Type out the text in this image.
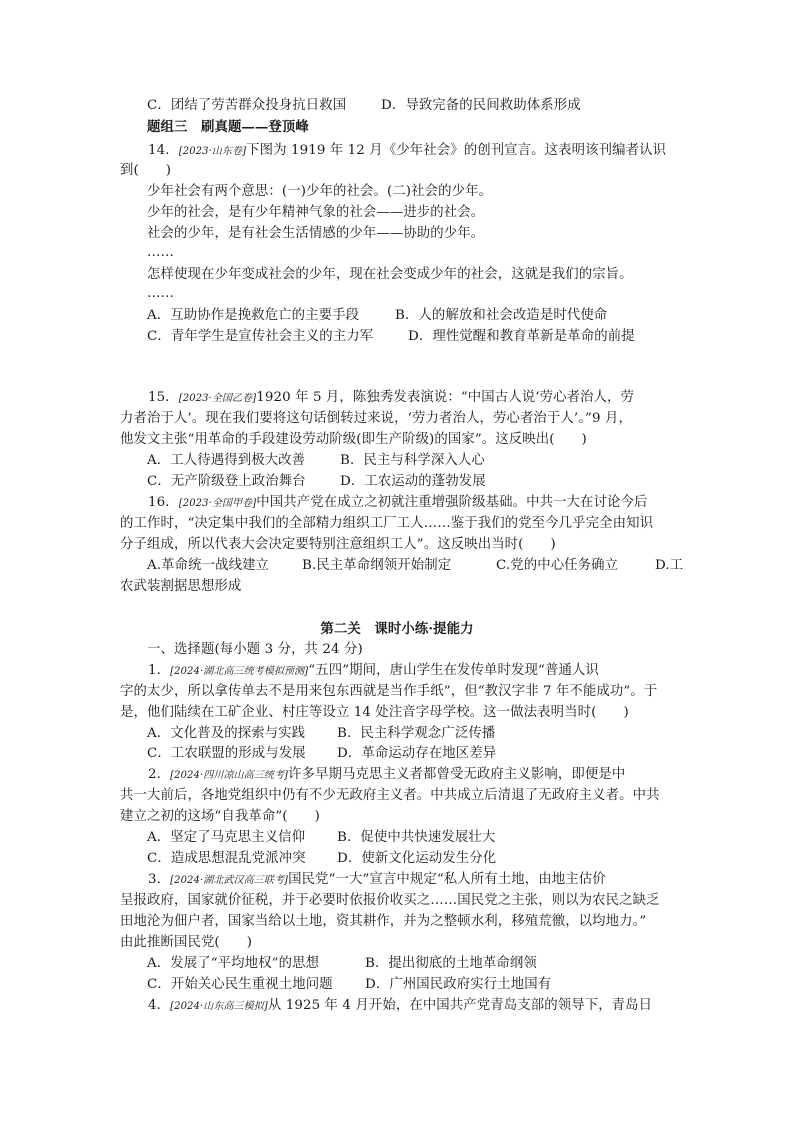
C．团结了劳苦群众投身抗日救国	D．导致完备的民间救助体系形成
题组三　刷真题——登顶峰
14．[2023·山东卷]下图为 1919 年 12 月《少年社会》的创刊宣言。这表明该刊编者认识
到(　　)
少年社会有两个意思：(一)少年的社会。(二)社会的少年。
少年的社会，是有少年精神气象的社会——进步的社会。
社会的少年，是有社会生活情感的少年——协助的少年。
……
怎样使现在少年变成社会的少年，现在社会变成少年的社会，这就是我们的宗旨。
……
A．互助协作是挽救危亡的主要手段	B．人的解放和社会改造是时代使命
C．青年学生是宣传社会主义的主力军	D．理性觉醒和教育革新是革命的前提
15．[2023·全国乙卷]1920 年 5 月，陈独秀发表演说：“中国古人说‘劳心者治人，劳
力者治于人’。现在我们要将这句话倒转过来说，‘劳力者治人，劳心者治于人’。”9 月，
他发文主张“用革命的手段建设劳动阶级(即生产阶级)的国家”。这反映出(　　)
A．工人待遇得到极大改善	B．民主与科学深入人心
C．无产阶级登上政治舞台	D．工农运动的蓬勃发展
16．[2023·全国甲卷]中国共产党在成立之初就注重增强阶级基础。中共一大在讨论今后
的工作时，“决定集中我们的全部精力组织工厂工人……鉴于我们的党至今几乎完全由知识
分子组成，所以代表大会决定要特别注意组织工人”。这反映出当时(　　)
A.革命统一战线建立 B.民主革命纲领开始制定	C.党的中心任务确立	D.工
农武装割据思想形成
第二关　课时小练·提能力
一、选择题(每小题 3 分，共 24 分)
1．[2024·湖北高三统考模拟预测]“五四”期间，唐山学生在发传单时发现“普通人识
字的太少，所以拿传单去不是用来包东西就是当作手纸”，但“教汉字非 7 年不能成功”。于
是，他们陆续在工矿企业、村庄等设立 14 处注音字母学校。这一做法表明当时(　　)
A．文化普及的探索与实践 B．民主科学观念广泛传播
C．工农联盟的形成与发展 D．革命运动存在地区差异
2．[2024·四川凉山高三统考]许多早期马克思主义者都曾受无政府主义影响，即便是中
共一大前后，各地党组织中仍有不少无政府主义者。中共成立后清退了无政府主义者。中共
建立之初的这场“自我革命”(　　)
A．坚定了马克思主义信仰 B．促使中共快速发展壮大
C．造成思想混乱党派冲突 D．使新文化运动发生分化
3．[2024·湖北武汉高三联考]国民党“一大”宣言中规定“私人所有土地，由地主估价
呈报政府，国家就价征税，并于必要时依报价收买之……国民党之主张，则以为农民之缺乏
田地沦为佃户者，国家当给以土地，资其耕作，并为之整顿水利，移殖荒徼，以均地力。”
由此推断国民党(　　)
A．发展了“平均地权”的思想	B．提出彻底的土地革命纲领
C．开始关心民生重视土地问题 D．广州国民政府实行土地国有
4．[2024·山东高三模拟]从 1925 年 4 月开始，在中国共产党青岛支部的领导下，青岛日
